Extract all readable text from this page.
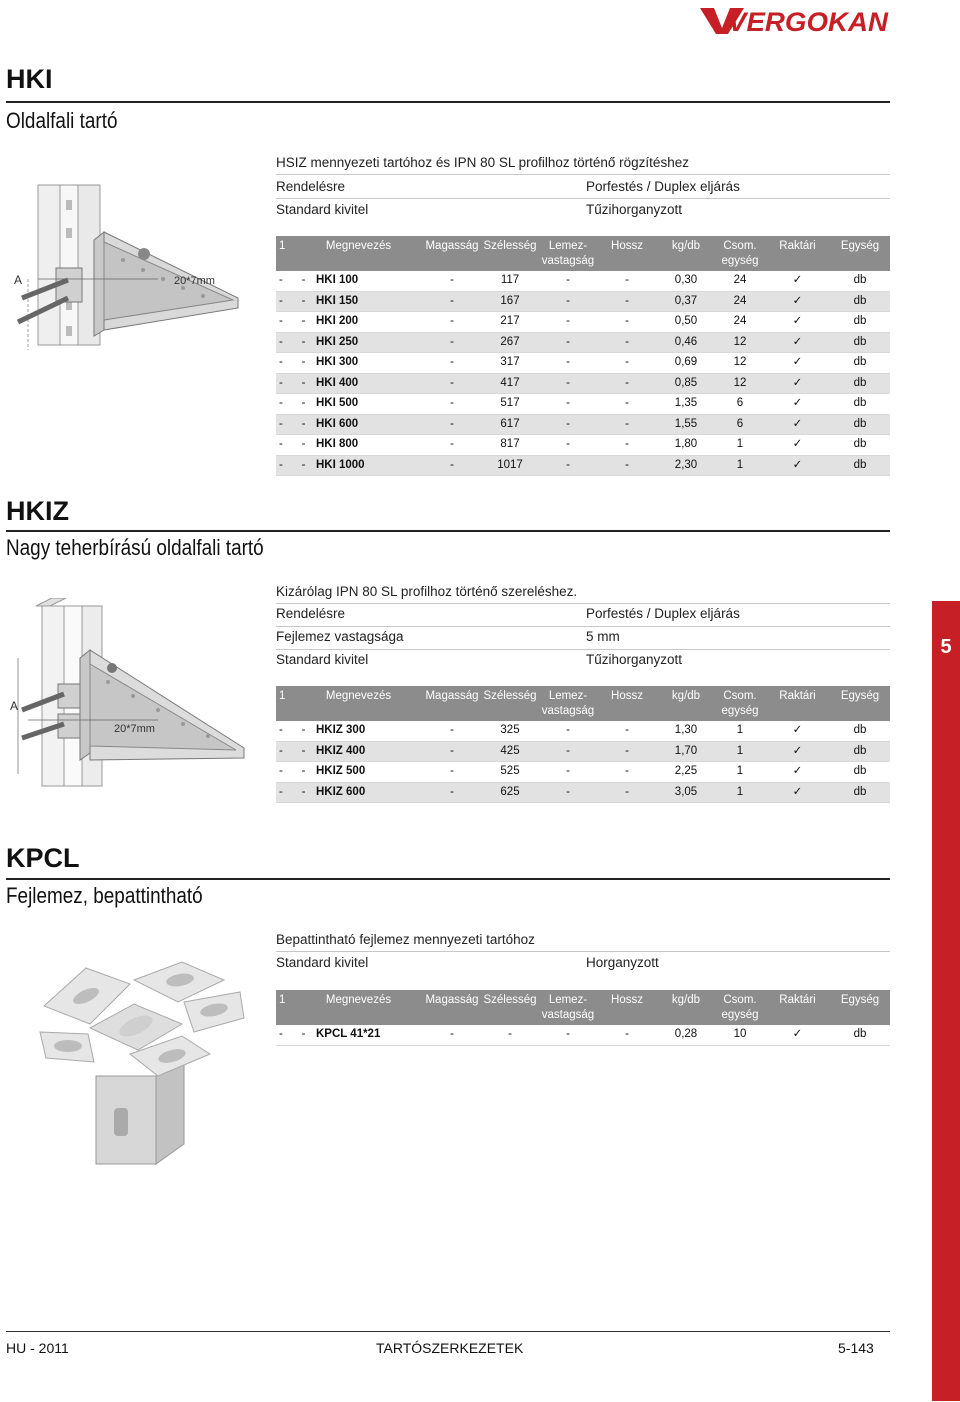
VERGOKAN
HKI
Oldalfali tartó
HSIZ mennyezeti tartóhoz és IPN 80 SL profilhoz történő rögzítéshez
Rendelésre	Porfestés / Duplex eljárás
Standard kivitel	Tűzihorganyzott
A	20*7mm
1	Megnevezés		Magasság	Szélesség	Lemez-
vastagság	Hossz	kg/db	Csom.
egység	Raktári	Egység
-	-	HKI 100	-	117	-	-	0,30	24	✓	db
-	-	HKI 150	-	167	-	-	0,37	24	✓	db
-	-	HKI 200	-	217	-	-	0,50	24	✓	db
-	-	HKI 250	-	267	-	-	0,46	12	✓	db
-	-	HKI 300	-	317	-	-	0,69	12	✓	db
-	-	HKI 400	-	417	-	-	0,85	12	✓	db
-	-	HKI 500	-	517	-	-	1,35	6	✓	db
-	-	HKI 600	-	617	-	-	1,55	6	✓	db
-	-	HKI 800	-	817	-	-	1,80	1	✓	db
-	-	HKI 1000	-	1017	-	-	2,30	1	✓	db
HKIZ
Nagy teherbírású oldalfali tartó
Kizárólag IPN 80 SL profilhoz történő szereléshez.
Rendelésre	Porfestés / Duplex eljárás
Fejlemez vastagsága	5 mm
Standard kivitel	Tűzihorganyzott
A
20*7mm
1	Megnevezés		Magasság	Szélesség	Lemez-
vastagság	Hossz	kg/db	Csom.
egység	Raktári	Egység
-	-	HKIZ 300	-	325	-	-	1,30	1	✓	db
-	-	HKIZ 400	-	425	-	-	1,70	1	✓	db
-	-	HKIZ 500	-	525	-	-	2,25	1	✓	db
-	-	HKIZ 600	-	625	-	-	3,05	1	✓	db
KPCL
Fejlemez, bepattintható
Bepattintható fejlemez mennyezeti tartóhoz
Standard kivitel	Horganyzott
1	Megnevezés		Magasság	Szélesség	Lemez-
vastagság	Hossz	kg/db	Csom.
egység	Raktári	Egység
-	-	KPCL 41*21	-	-	-	-	0,28	10	✓	db
5
HU - 2011	TARTÓSZERKEZETEK	5-143
